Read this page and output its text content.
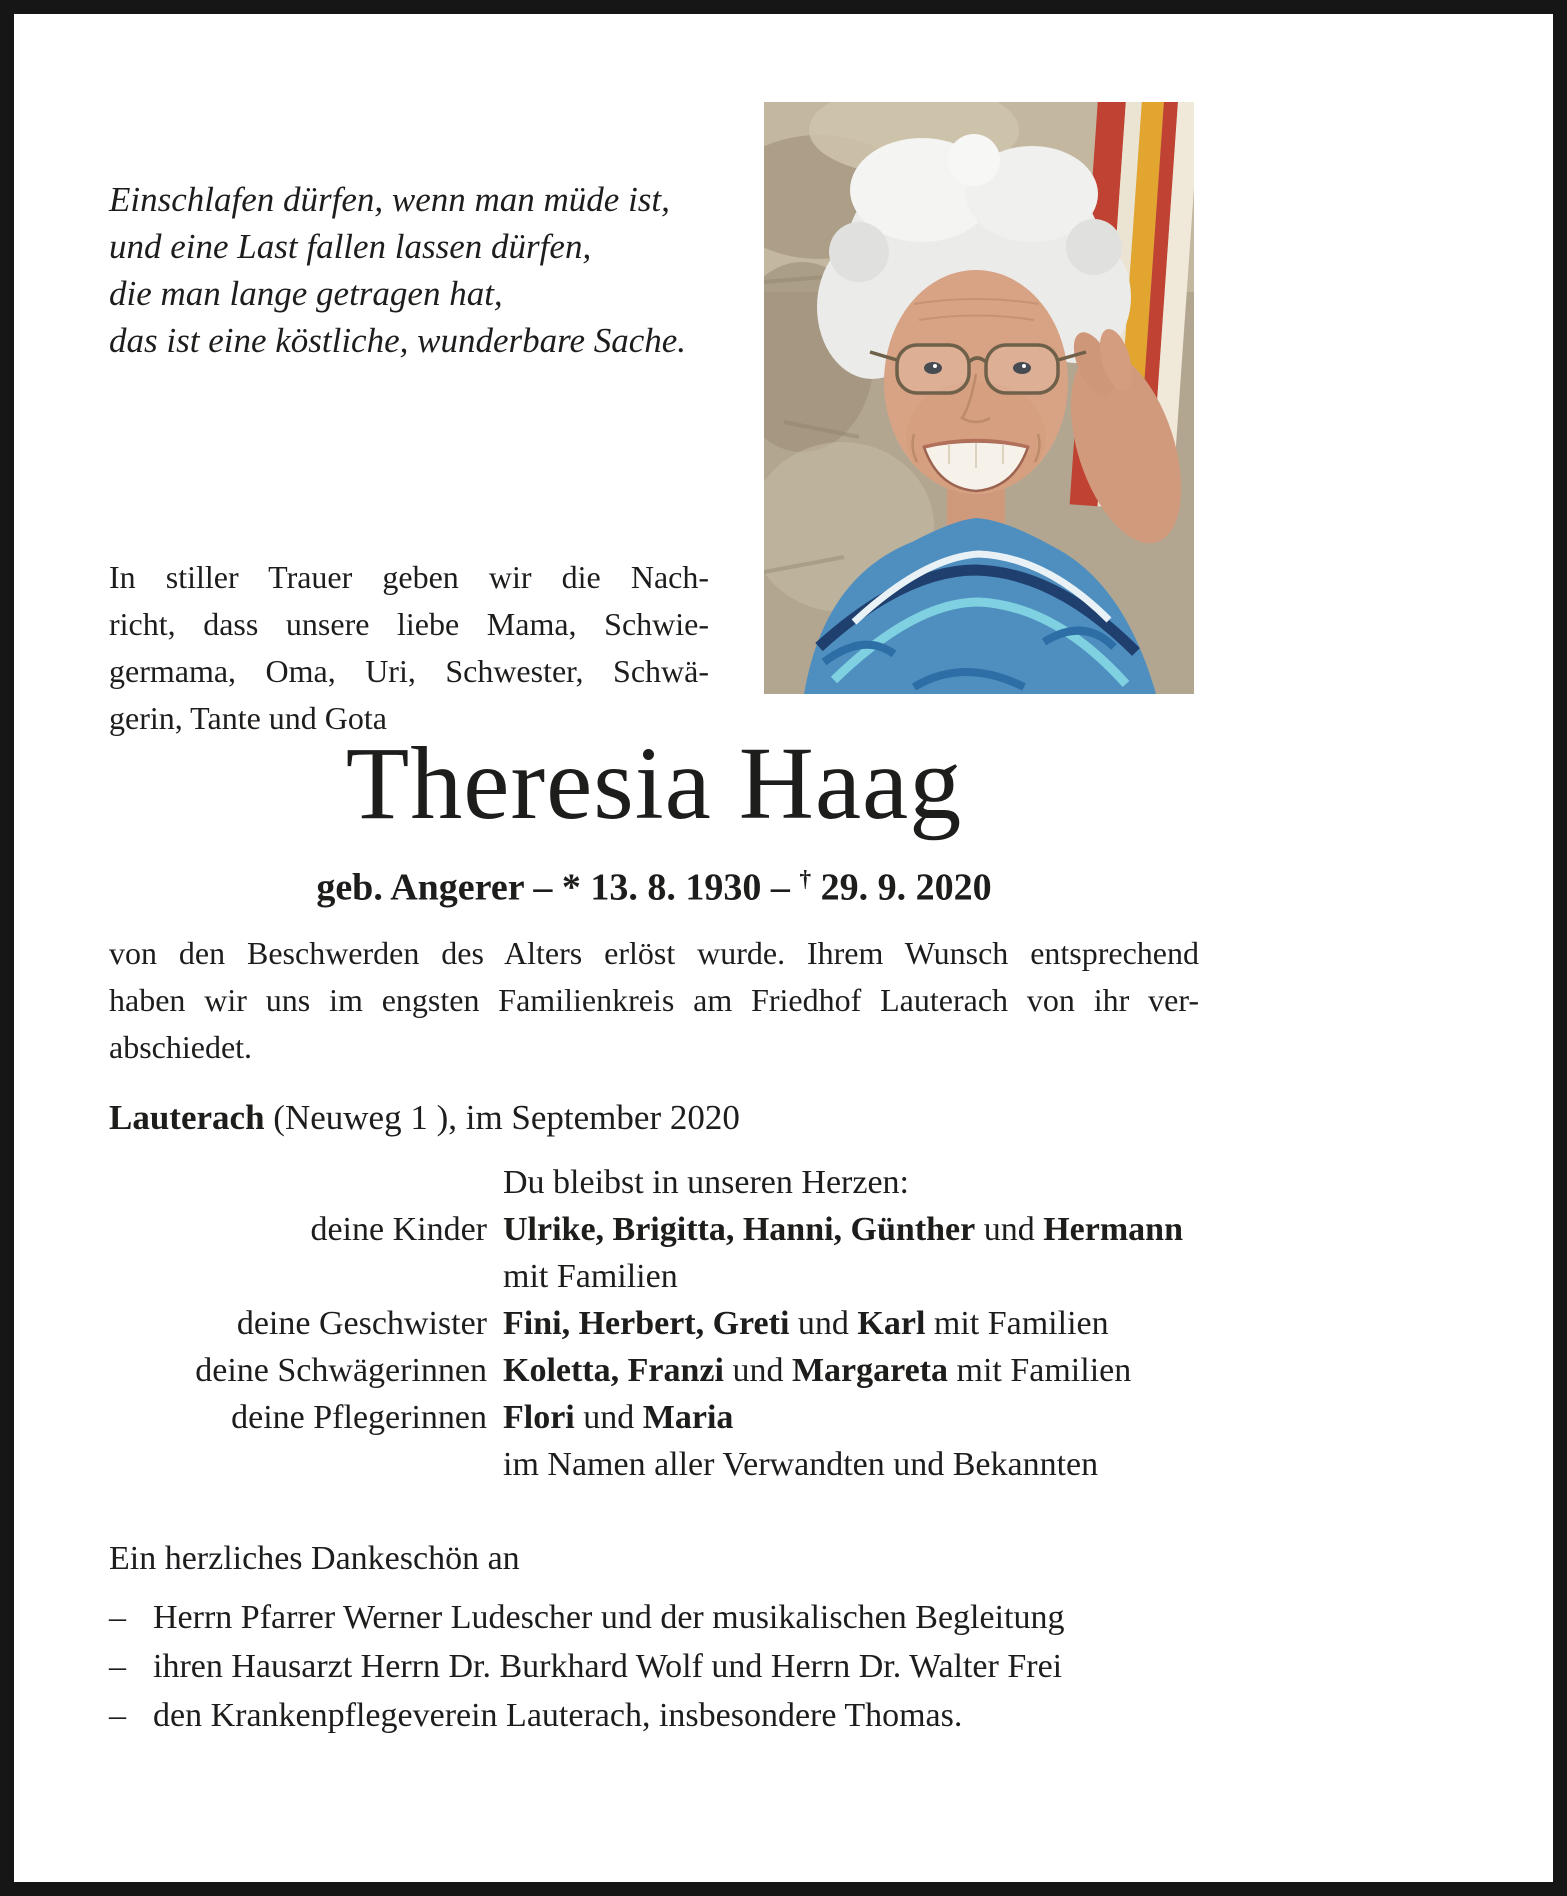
Einschlafen dürfen, wenn man müde ist,
und eine Last fallen lassen dürfen,
die man lange getragen hat,
das ist eine köstliche, wunderbare Sache.
In stiller Trauer geben wir die Nach-
richt, dass unsere liebe Mama, Schwie-
germama, Oma, Uri, Schwester, Schwä-
gerin, Tante und Gota
Theresia Haag
geb. Angerer – * 13. 8. 1930 – † 29. 9. 2020
von den Beschwerden des Alters erlöst wurde. Ihrem Wunsch entsprechend
haben wir uns im engsten Familienkreis am Friedhof Lauterach von ihr ver-
abschiedet.
Lauterach (Neuweg 1 ), im September 2020
Du bleibst in unseren Herzen:
deine Kinder Ulrike, Brigitta, Hanni, Günther und Hermann
mit Familien
deine Geschwister Fini, Herbert, Greti und Karl mit Familien
deine Schwägerinnen Koletta, Franzi und Margareta mit Familien
deine Pflegerinnen Flori und Maria
im Namen aller Verwandten und Bekannten
Ein herzliches Dankeschön an
– Herrn Pfarrer Werner Ludescher und der musikalischen Begleitung
– ihren Hausarzt Herrn Dr. Burkhard Wolf und Herrn Dr. Walter Frei
– den Krankenpflegeverein Lauterach, insbesondere Thomas.
